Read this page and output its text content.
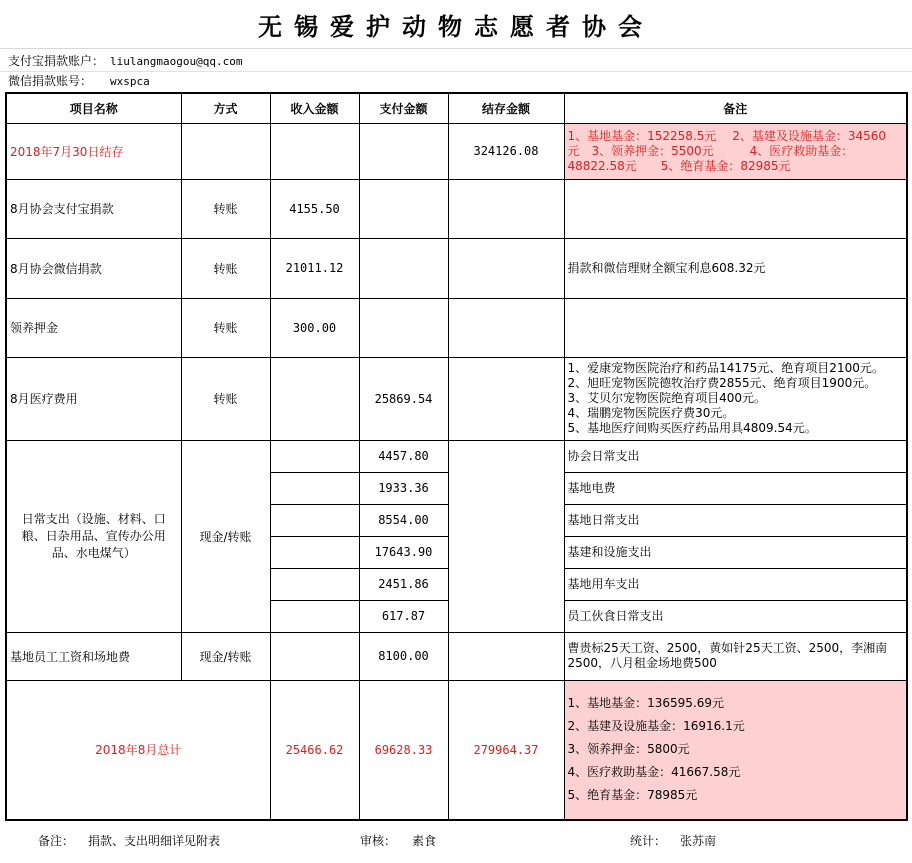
无锡爱护动物志愿者协会
支付宝捐款账户： liulangmaogou@qq.com
微信捐款账号： wxspca
项目名称	方式	收入金额	支付金额	结存金额	备注
2018年7月30日结存				324126.08	1、基地基金：152258.5元　 2、基建及设施基金：34560
元　3、领养押金：5500元　　　4、医疗救助基金：
48822.58元　　5、绝育基金：82985元

8月协会支付宝捐款	转账	4155.50			
8月协会微信捐款	转账	21011.12			捐款和微信理财全额宝利息608.32元
领养押金	转账	300.00			
8月医疗费用	转账		25869.54		1、爱康宠物医院治疗和药品14175元、绝育项目2100元。
2、旭旺宠物医院德牧治疗费2855元、绝育项目1900元。
3、艾贝尔宠物医院绝育项目400元。
4、瑞鹏宠物医院医疗费30元。
5、基地医疗间购买医疗药品用具4809.54元。

日常支出（设施、材料、口粮、日杂用品、宣传办公用品、水电煤气）	现金/转账		4457.80		协会日常支出
			1933.36		基地电费
			8554.00		基地日常支出
			17643.90		基建和设施支出
			2451.86		基地用车支出
			617.87		员工伙食日常支出
基地员工工资和场地费	现金/转账		8100.00		曹贵标25天工资、2500，黄如针25天工资、2500，李湘南
2500，八月租金场地费500

2018年8月总计		25466.62	69628.33	279964.37	1、基地基金：136595.69元
2、基建及设施基金：16916.1元
3、领养押金：5800元
4、医疗救助基金：41667.58元
5、绝育基金：78985元
备注： 捐款、支出明细详见附表	审核： 素食	统计： 张苏南
